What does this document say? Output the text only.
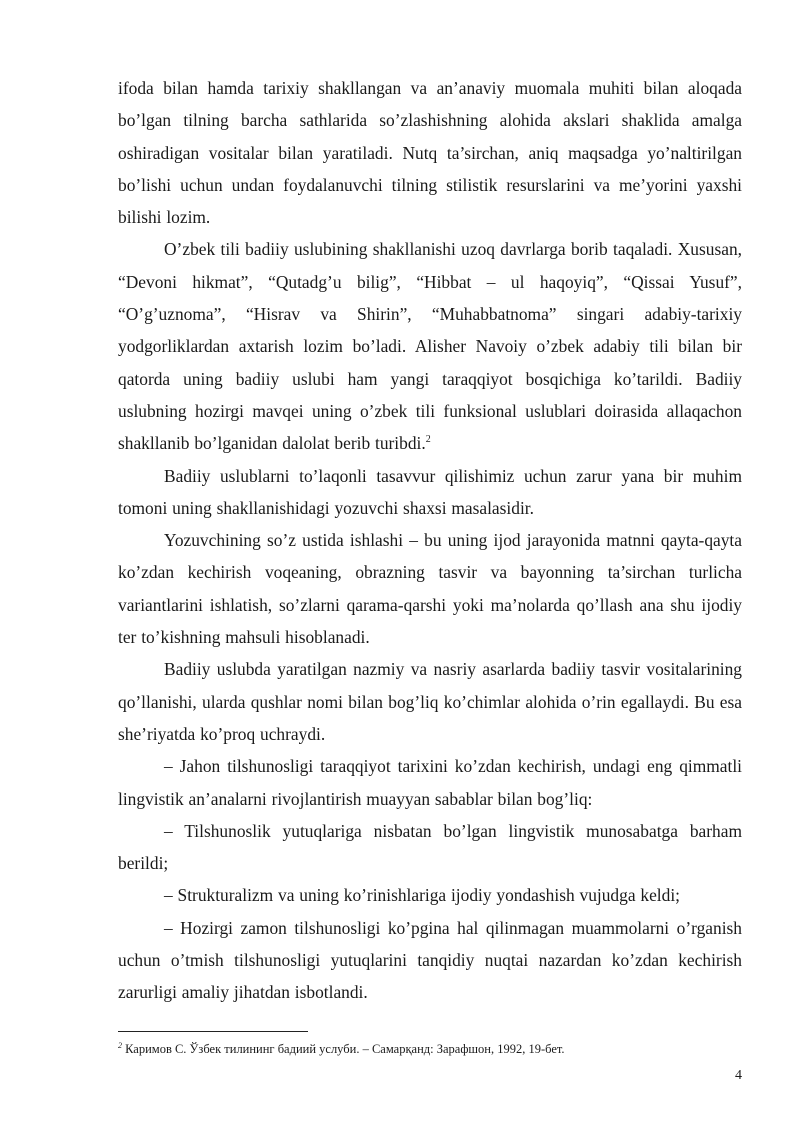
ifoda bilan hamda tarixiy shakllangan va an’anaviy muomala muhiti bilan aloqada bo’lgan tilning barcha sathlarida so’zlashishning alohida akslari shaklida amalga oshiradigan vositalar bilan yaratiladi. Nutq ta’sirchan, aniq maqsadga yo’naltirilgan bo’lishi uchun undan foydalanuvchi tilning stilistik resurslarini va me’yorini yaxshi bilishi lozim.

O’zbek tili badiiy uslubining shakllanishi uzoq davrlarga borib taqaladi. Xususan, “Devoni hikmat”, “Qutadg’u bilig”, “Hibbat – ul haqoyiq”, “Qissai Yusuf”, “O’g’uznoma”, “Hisrav va Shirin”, “Muhabbatnoma” singari adabiy-tarixiy yodgorliklardan axtarish lozim bo’ladi. Alisher Navoiy o’zbek adabiy tili bilan bir qatorda uning badiiy uslubi ham yangi taraqqiyot bosqichiga ko’tarildi. Badiiy uslubning hozirgi mavqei uning o’zbek tili funksional uslublari doirasida allaqachon shakllanib bo’lganidan dalolat berib turibdi.$^2$

Badiiy uslublarni to’laqonli tasavvur qilishimiz uchun zarur yana bir muhim tomoni uning shakllanishidagi yozuvchi shaxsi masalasidir.

Yozuvchining so’z ustida ishlashi – bu uning ijod jarayonida matnni qayta-qayta ko’zdan kechirish voqeaning, obrazning tasvir va bayonning ta’sirchan turlicha variantlarini ishlatish, so’zlarni qarama-qarshi yoki ma’nolarda qo’llash ana shu ijodiy ter to’kishning mahsuli hisoblanadi.

Badiiy uslubda yaratilgan nazmiy va nasriy asarlarda badiiy tasvir vositalarining qo’llanishi, ularda qushlar nomi bilan bog’liq ko’chimlar alohida o’rin egallaydi. Bu esa she’riyatda ko’proq uchraydi.

– Jahon tilshunosligi taraqqiyot tarixini ko’zdan kechirish, undagi eng qimmatli lingvistik an’analarni rivojlantirish muayyan sabablar bilan bog’liq:

– Tilshunoslik yutuqlariga nisbatan bo’lgan lingvistik munosabatga barham berildi;

– Strukturalizm va uning ko’rinishlariga ijodiy yondashish vujudga keldi;

– Hozirgi zamon tilshunosligi ko’pgina hal qilinmagan muammolarni o’rganish uchun o’tmish tilshunosligi yutuqlarini tanqidiy nuqtai nazardan ko’zdan kechirish zarurligi amaliy jihatdan isbotlandi.

$^2$ Каримов С. Ўзбек тилининг бадиий услуби. – Самарқанд: Зарафшон, 1992, 19-бет.
4
